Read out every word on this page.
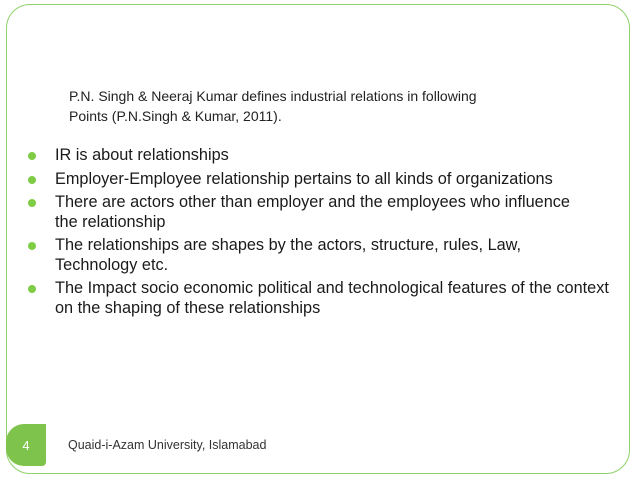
P.N. Singh & Neeraj Kumar defines industrial relations in following
Points (P.N.Singh & Kumar, 2011).
IR is about relationships
Employer-Employee relationship pertains to all kinds of organizations
There are actors other than employer and the employees who influence the relationship
The relationships are shapes by the actors, structure, rules, Law, Technology etc.
The Impact socio economic political and technological features of the context on the shaping of these relationships
4	Quaid-i-Azam University, Islamabad
